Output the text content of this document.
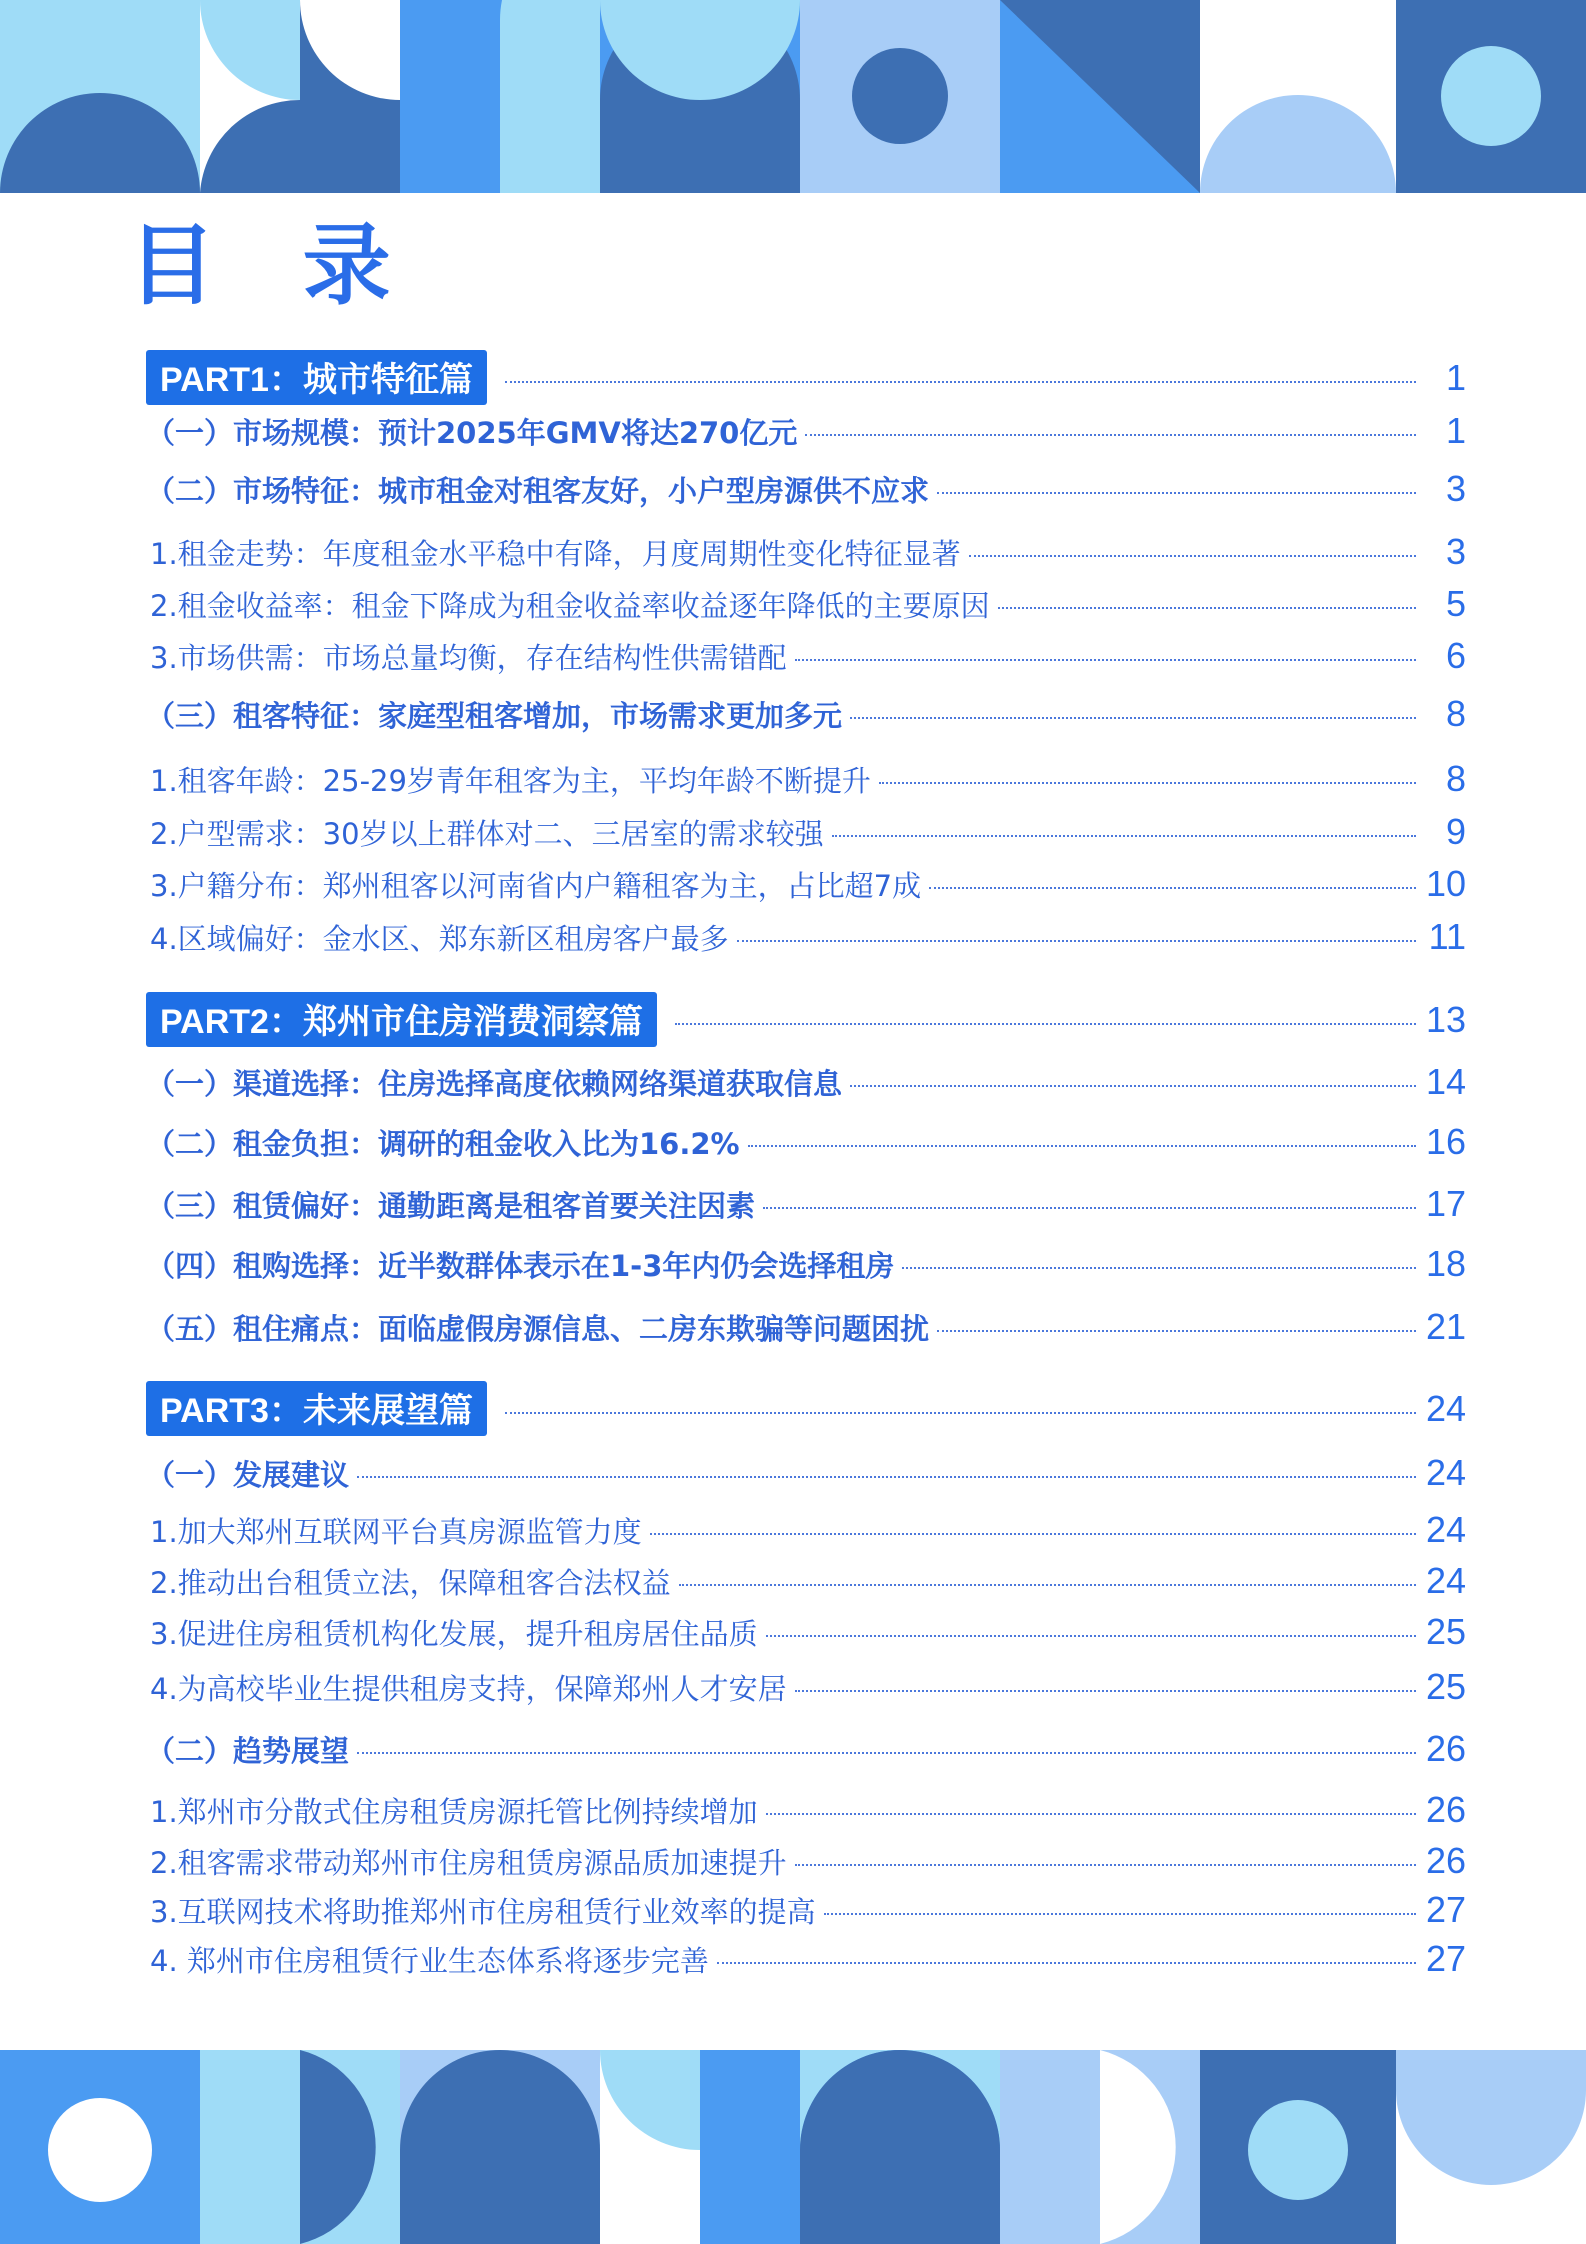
目 录
PART1：城市特征篇	1
（一）市场规模：预计2025年GMV将达270亿元	1
（二）市场特征：城市租金对租客友好，小户型房源供不应求	3
1.租金走势：年度租金水平稳中有降，月度周期性变化特征显著	3
2.租金收益率：租金下降成为租金收益率收益逐年降低的主要原因	5
3.市场供需：市场总量均衡，存在结构性供需错配	6
（三）租客特征：家庭型租客增加，市场需求更加多元	8
1.租客年龄：25-29岁青年租客为主，平均年龄不断提升	8
2.户型需求：30岁以上群体对二、三居室的需求较强	9
3.户籍分布：郑州租客以河南省内户籍租客为主，占比超7成	10
4.区域偏好：金水区、郑东新区租房客户最多	11
PART2：郑州市住房消费洞察篇	13
（一）渠道选择：住房选择高度依赖网络渠道获取信息	14
（二）租金负担：调研的租金收入比为16.2%	16
（三）租赁偏好：通勤距离是租客首要关注因素	17
（四）租购选择：近半数群体表示在1-3年内仍会选择租房	18
（五）租住痛点：面临虚假房源信息、二房东欺骗等问题困扰	21
PART3：未来展望篇	24
（一）发展建议	24
1.加大郑州互联网平台真房源监管力度	24
2.推动出台租赁立法，保障租客合法权益	24
3.促进住房租赁机构化发展，提升租房居住品质	25
4.为高校毕业生提供租房支持，保障郑州人才安居	25
（二）趋势展望	26
1.郑州市分散式住房租赁房源托管比例持续增加	26
2.租客需求带动郑州市住房租赁房源品质加速提升	26
3.互联网技术将助推郑州市住房租赁行业效率的提高	27
4. 郑州市住房租赁行业生态体系将逐步完善	27
